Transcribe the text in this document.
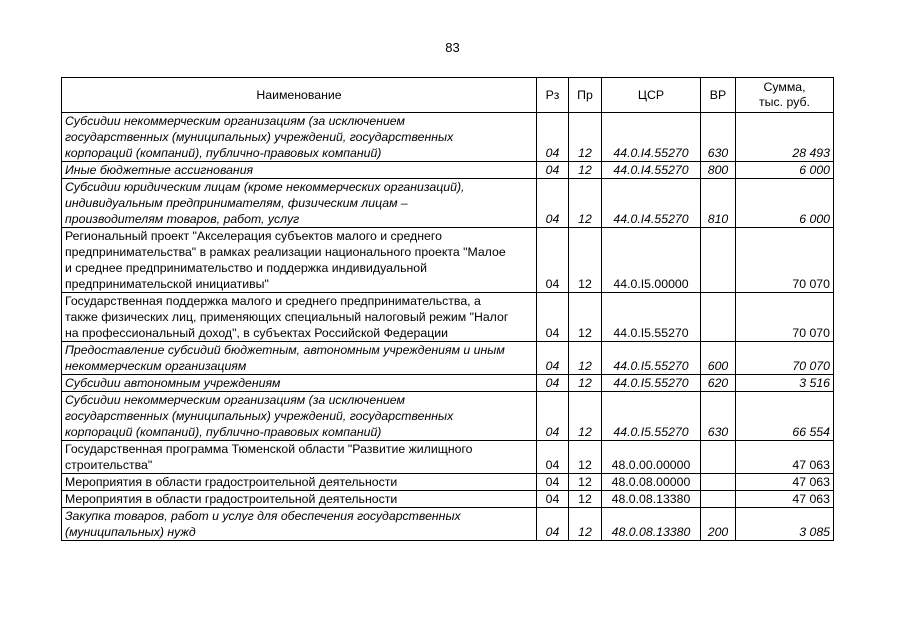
83
Наименование	Рз	Пр	ЦСР	ВР	Сумма,
тыс. руб.
Субсидии некоммерческим организациям (за исключением
государственных (муниципальных) учреждений, государственных
корпораций (компаний), публично-правовых компаний)	04	12	44.0.I4.55270	630	28 493
Иные бюджетные ассигнования	04	12	44.0.I4.55270	800	6 000
Субсидии юридическим лицам (кроме некоммерческих организаций),
индивидуальным предпринимателям, физическим лицам –
производителям товаров, работ, услуг	04	12	44.0.I4.55270	810	6 000
Региональный проект "Акселерация субъектов малого и среднего
предпринимательства" в рамках реализации национального проекта "Малое
и среднее предпринимательство и поддержка индивидуальной
предпринимательской инициативы"	04	12	44.0.I5.00000		70 070
Государственная поддержка малого и среднего предпринимательства, а
также физических лиц, применяющих специальный налоговый режим "Налог
на профессиональный доход", в субъектах Российской Федерации	04	12	44.0.I5.55270		70 070
Предоставление субсидий бюджетным, автономным учреждениям и иным
некоммерческим организациям	04	12	44.0.I5.55270	600	70 070
Субсидии автономным учреждениям	04	12	44.0.I5.55270	620	3 516
Субсидии некоммерческим организациям (за исключением
государственных (муниципальных) учреждений, государственных
корпораций (компаний), публично-правовых компаний)	04	12	44.0.I5.55270	630	66 554
Государственная программа Тюменской области "Развитие жилищного
строительства"	04	12	48.0.00.00000		47 063
Мероприятия в области градостроительной деятельности	04	12	48.0.08.00000		47 063
Мероприятия в области градостроительной деятельности	04	12	48.0.08.13380		47 063
Закупка товаров, работ и услуг для обеспечения государственных
(муниципальных) нужд	04	12	48.0.08.13380	200	3 085
